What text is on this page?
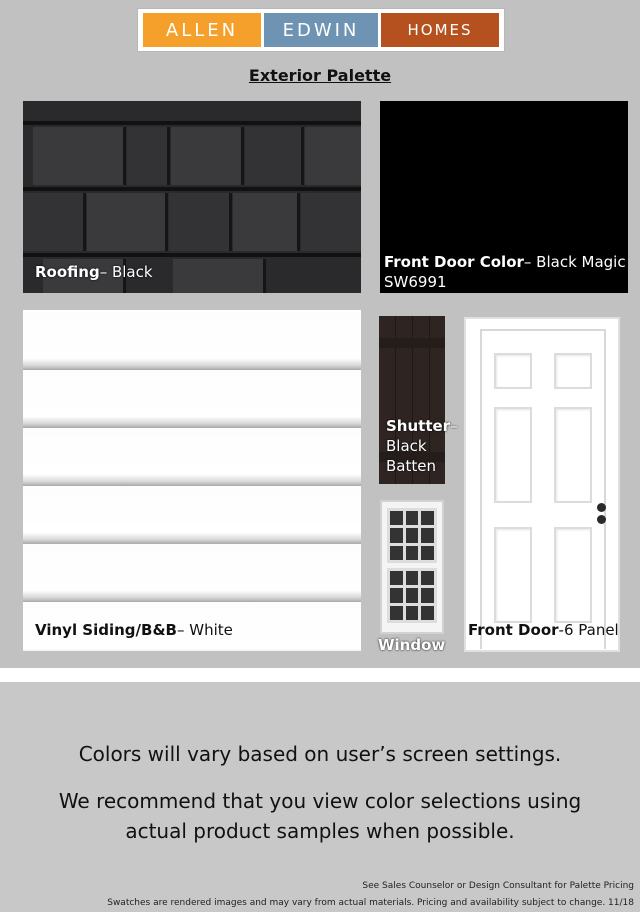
ALLEN	EDWIN	HOMES
Exterior Palette
Roofing– Black
Front Door Color– Black Magic
SW6991
Vinyl Siding/B&B– White
Shutter–
Black
Batten
Window
Front Door-6 Panel
Colors will vary based on user’s screen settings.
We recommend that you view color selections using
actual product samples when possible.
See Sales Counselor or Design Consultant for Palette Pricing
Swatches are rendered images and may vary from actual materials. Pricing and availability subject to change. 11/18
